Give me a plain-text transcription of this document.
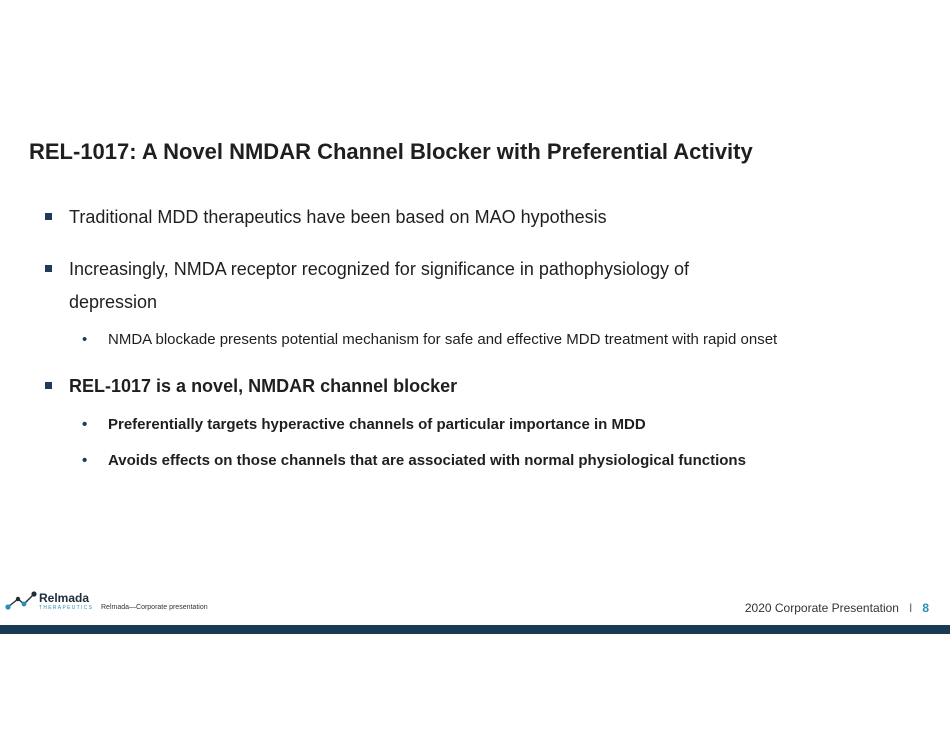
REL-1017: A Novel NMDAR Channel Blocker with Preferential Activity
Traditional MDD therapeutics have been based on MAO hypothesis
Increasingly, NMDA receptor recognized for significance in pathophysiology of
depression
• NMDA blockade presents potential mechanism for safe and effective MDD treatment with rapid onset
REL-1017 is a novel, NMDAR channel blocker
• Preferentially targets hyperactive channels of particular importance in MDD
• Avoids effects on those channels that are associated with normal physiological functions
Relmada
THERAPEUTICS Relmada—Corporate presentation	2020 Corporate Presentation I 8
